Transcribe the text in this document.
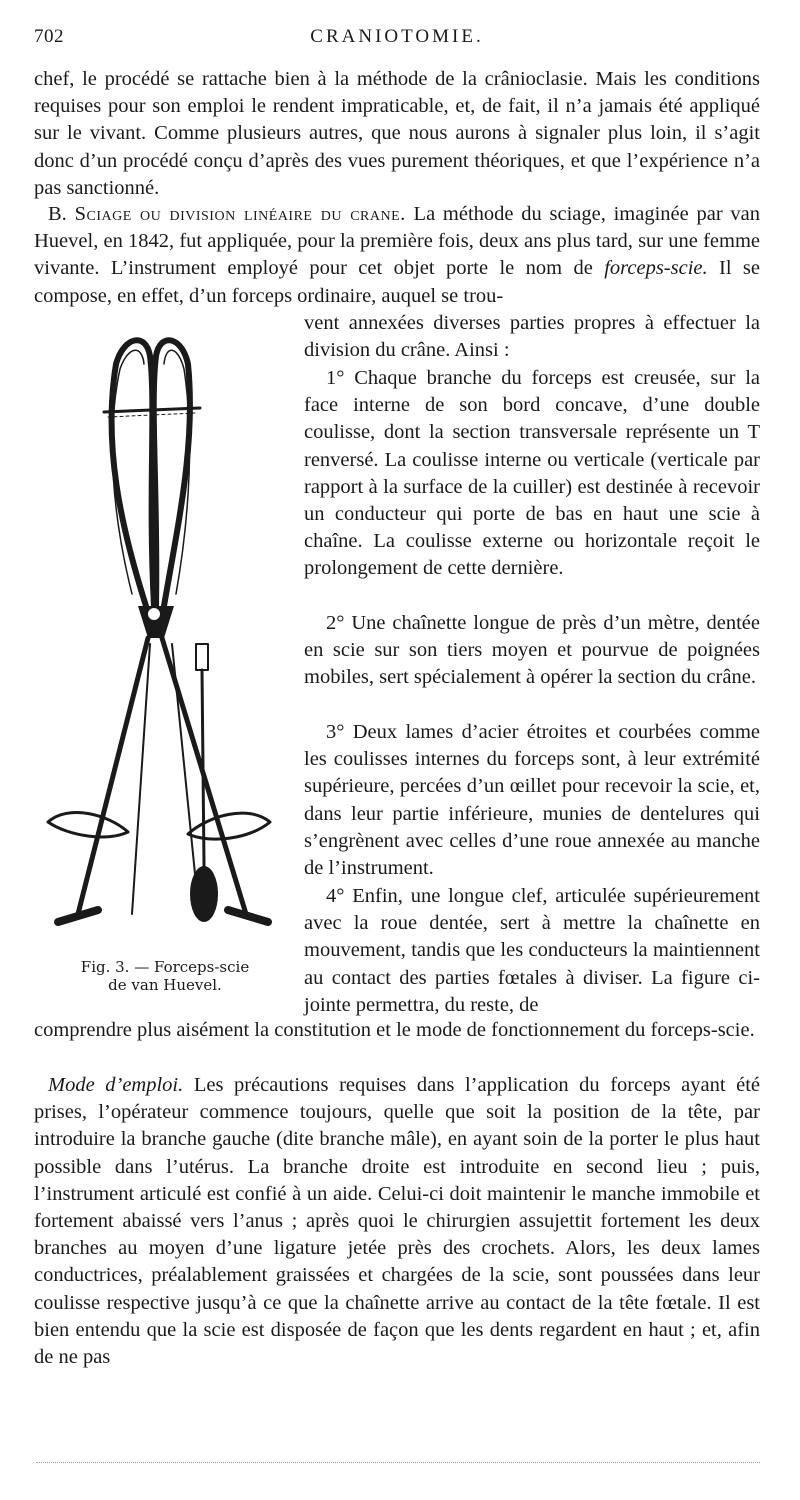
702	CRANIOTOMIE.

chef, le procédé se rattache bien à la méthode de la crânioclasie. Mais les conditions requises pour son emploi le rendent impraticable, et, de fait, il n’a jamais été appliqué sur le vivant. Comme plusieurs autres, que nous aurons à signaler plus loin, il s’agit donc d’un procédé conçu d’après des vues purement théoriques, et que l’expérience n’a pas sanctionné.

B. Sciage ou division linéaire du crane. La méthode du sciage, imaginée par van Huevel, en 1842, fut appliquée, pour la première fois, deux ans plus tard, sur une femme vivante. L’instrument employé pour cet objet porte le nom de forceps-scie. Il se compose, en effet, d’un forceps ordinaire, auquel se trou-

vent annexées diverses parties propres à effectuer la division du crâne. Ainsi :

1° Chaque branche du forceps est creusée, sur la face interne de son bord concave, d’une double coulisse, dont la section transversale représente un T renversé. La coulisse interne ou verticale (verticale par rapport à la surface de la cuiller) est destinée à recevoir un conducteur qui porte de bas en haut une scie à chaîne. La coulisse externe ou horizontale reçoit le prolongement de cette dernière.

2° Une chaînette longue de près d’un mètre, dentée en scie sur son tiers moyen et pourvue de poignées mobiles, sert spécialement à opérer la section du crâne.

3° Deux lames d’acier étroites et courbées comme les coulisses internes du forceps sont, à leur extrémité supérieure, percées d’un œillet pour recevoir la scie, et, dans leur partie inférieure, munies de dentelures qui s’engrènent avec celles d’une roue annexée au manche de l’instrument.

4° Enfin, une longue clef, articulée supérieurement avec la roue dentée, sert à mettre la chaînette en mouvement, tandis que les conducteurs la maintiennent au contact des parties fœtales à diviser. La figure ci-jointe permettra, du reste, de

Fig. 3. — Forceps-scie
de van Huevel.

comprendre plus aisément la constitution et le mode de fonctionnement du forceps-scie.

Mode d’emploi. Les précautions requises dans l’application du forceps ayant été prises, l’opérateur commence toujours, quelle que soit la position de la tête, par introduire la branche gauche (dite branche mâle), en ayant soin de la porter le plus haut possible dans l’utérus. La branche droite est introduite en second lieu ; puis, l’instrument articulé est confié à un aide. Celui-ci doit maintenir le manche immobile et fortement abaissé vers l’anus ; après quoi le chirurgien assujettit fortement les deux branches au moyen d’une ligature jetée près des crochets. Alors, les deux lames conductrices, préalablement graissées et chargées de la scie, sont poussées dans leur coulisse respective jusqu’à ce que la chaînette arrive au contact de la tête fœtale. Il est bien entendu que la scie est disposée de façon que les dents regardent en haut ; et, afin de ne pas
